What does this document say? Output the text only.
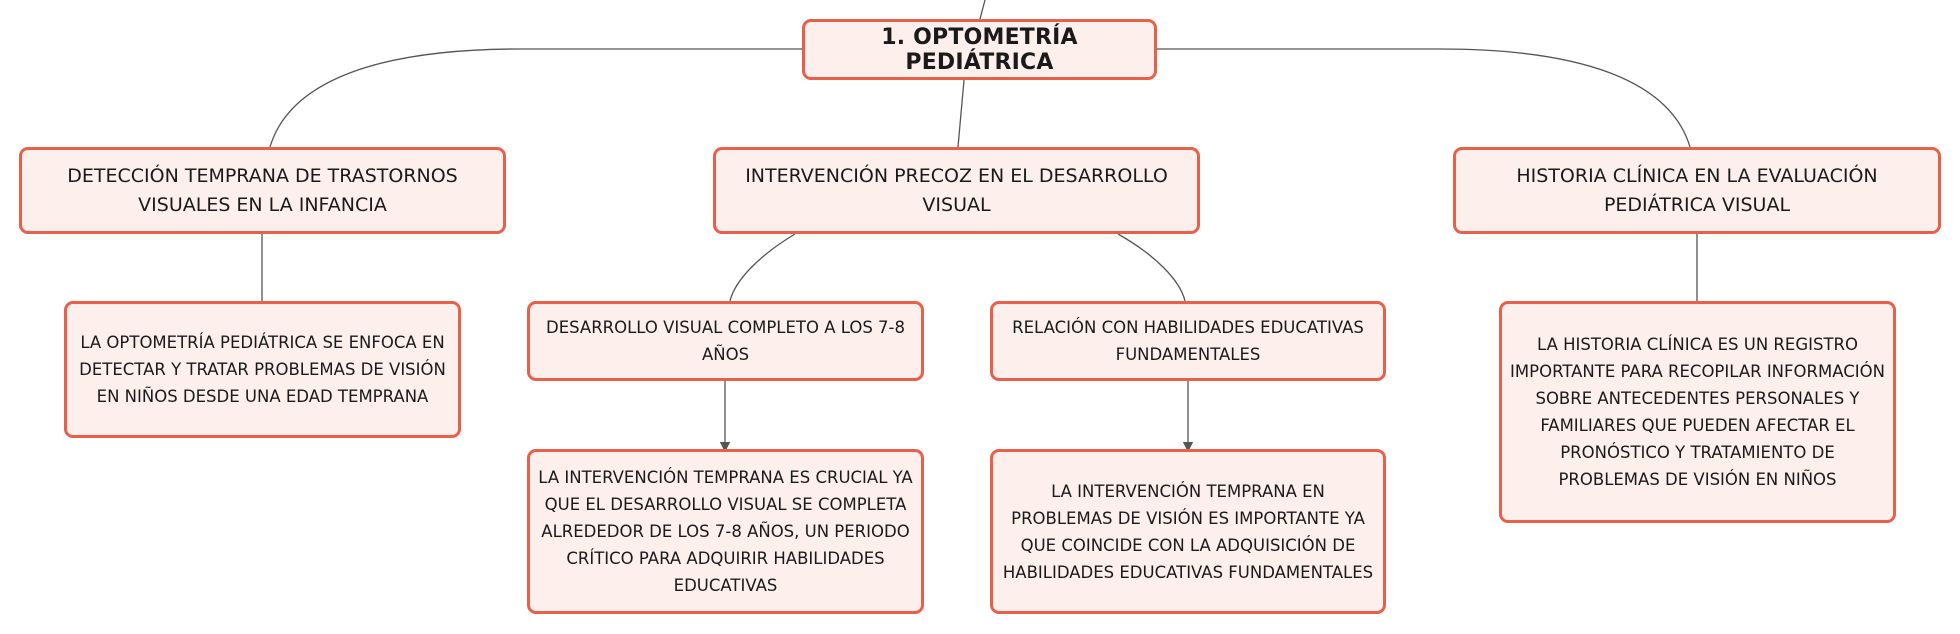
1. OPTOMETRÍA PEDIÁTRICA
DETECCIÓN TEMPRANA DE TRASTORNOS VISUALES EN LA INFANCIA
INTERVENCIÓN PRECOZ EN EL DESARROLLO VISUAL
HISTORIA CLÍNICA EN LA EVALUACIÓN PEDIÁTRICA VISUAL
LA OPTOMETRÍA PEDIÁTRICA SE ENFOCA EN DETECTAR Y TRATAR PROBLEMAS DE VISIÓN EN NIÑOS DESDE UNA EDAD TEMPRANA
DESARROLLO VISUAL COMPLETO A LOS 7-8 AÑOS
RELACIÓN CON HABILIDADES EDUCATIVAS FUNDAMENTALES
LA INTERVENCIÓN TEMPRANA ES CRUCIAL YA QUE EL DESARROLLO VISUAL SE COMPLETA ALREDEDOR DE LOS 7-8 AÑOS, UN PERIODO CRÍTICO PARA ADQUIRIR HABILIDADES EDUCATIVAS
LA INTERVENCIÓN TEMPRANA EN PROBLEMAS DE VISIÓN ES IMPORTANTE YA QUE COINCIDE CON LA ADQUISICIÓN DE HABILIDADES EDUCATIVAS FUNDAMENTALES
LA HISTORIA CLÍNICA ES UN REGISTRO IMPORTANTE PARA RECOPILAR INFORMACIÓN SOBRE ANTECEDENTES PERSONALES Y FAMILIARES QUE PUEDEN AFECTAR EL PRONÓSTICO Y TRATAMIENTO DE PROBLEMAS DE VISIÓN EN NIÑOS
